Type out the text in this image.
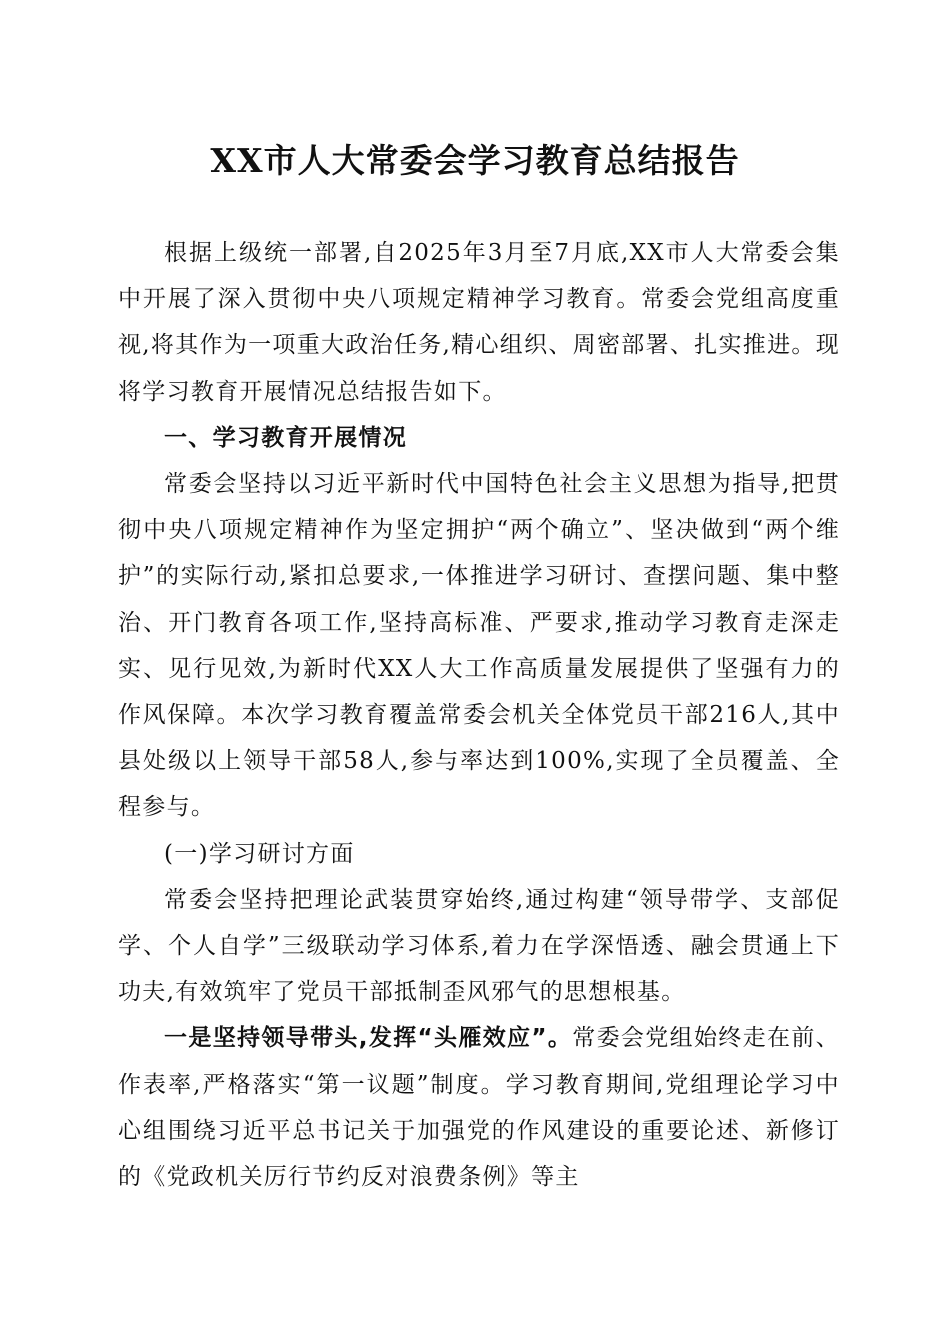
XX市人大常委会学习教育总结报告

根据上级统一部署,自2025年3月至7月底,XX市人大常委会集中开展了深入贯彻中央八项规定精神学习教育。常委会党组高度重视,将其作为一项重大政治任务,精心组织、周密部署、扎实推进。现将学习教育开展情况总结报告如下。

一、学习教育开展情况

常委会坚持以习近平新时代中国特色社会主义思想为指导,把贯彻中央八项规定精神作为坚定拥护“两个确立”、坚决做到“两个维护”的实际行动,紧扣总要求,一体推进学习研讨、查摆问题、集中整治、开门教育各项工作,坚持高标准、严要求,推动学习教育走深走实、见行见效,为新时代XX人大工作高质量发展提供了坚强有力的作风保障。本次学习教育覆盖常委会机关全体党员干部216人,其中县处级以上领导干部58人,参与率达到100%,实现了全员覆盖、全程参与。

(一)学习研讨方面

常委会坚持把理论武装贯穿始终,通过构建“领导带学、支部促学、个人自学”三级联动学习体系,着力在学深悟透、融会贯通上下功夫,有效筑牢了党员干部抵制歪风邪气的思想根基。

一是坚持领导带头,发挥“头雁效应”。常委会党组始终走在前、作表率,严格落实“第一议题”制度。学习教育期间,党组理论学习中心组围绕习近平总书记关于加强党的作风建设的重要论述、新修订的《党政机关厉行节约反对浪费条例》等主
